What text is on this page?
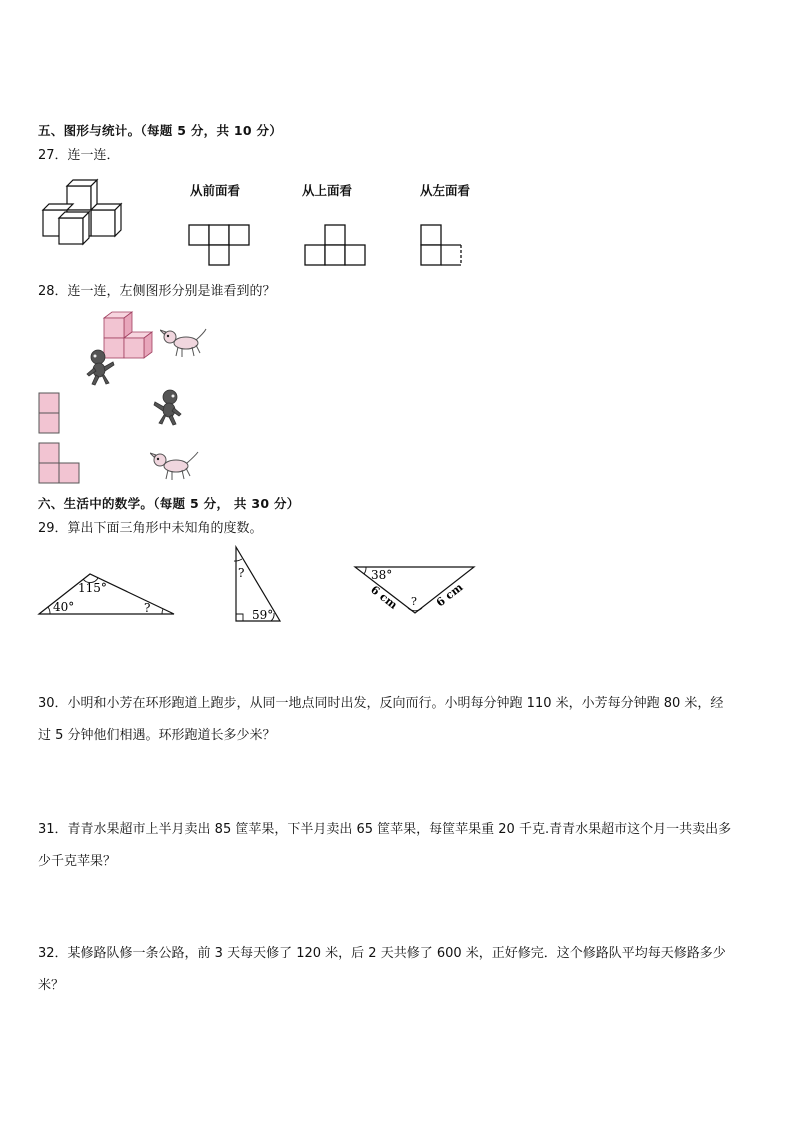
五、图形与统计。（每题 5 分，共 10 分）
27．连一连．
从前面看	从上面看	从左面看
28．连一连，左侧图形分别是谁看到的？
六、生活中的数学。（每题 5 分， 共 30 分）
29．算出下面三角形中未知角的度数。
115°
40°	?
?
59°
38°
?
6 cm	6 cm
30．小明和小芳在环形跑道上跑步，从同一地点同时出发，反向而行。小明每分钟跑 110 米，小芳每分钟跑 80 米，经
过 5 分钟他们相遇。环形跑道长多少米？
31．青青水果超市上半月卖出 85 筐苹果，下半月卖出 65 筐苹果，每筐苹果重 20 千克.青青水果超市这个月一共卖出多
少千克苹果？
32．某修路队修一条公路，前 3 天每天修了 120 米，后 2 天共修了 600 米，正好修完．这个修路队平均每天修路多少
米？
